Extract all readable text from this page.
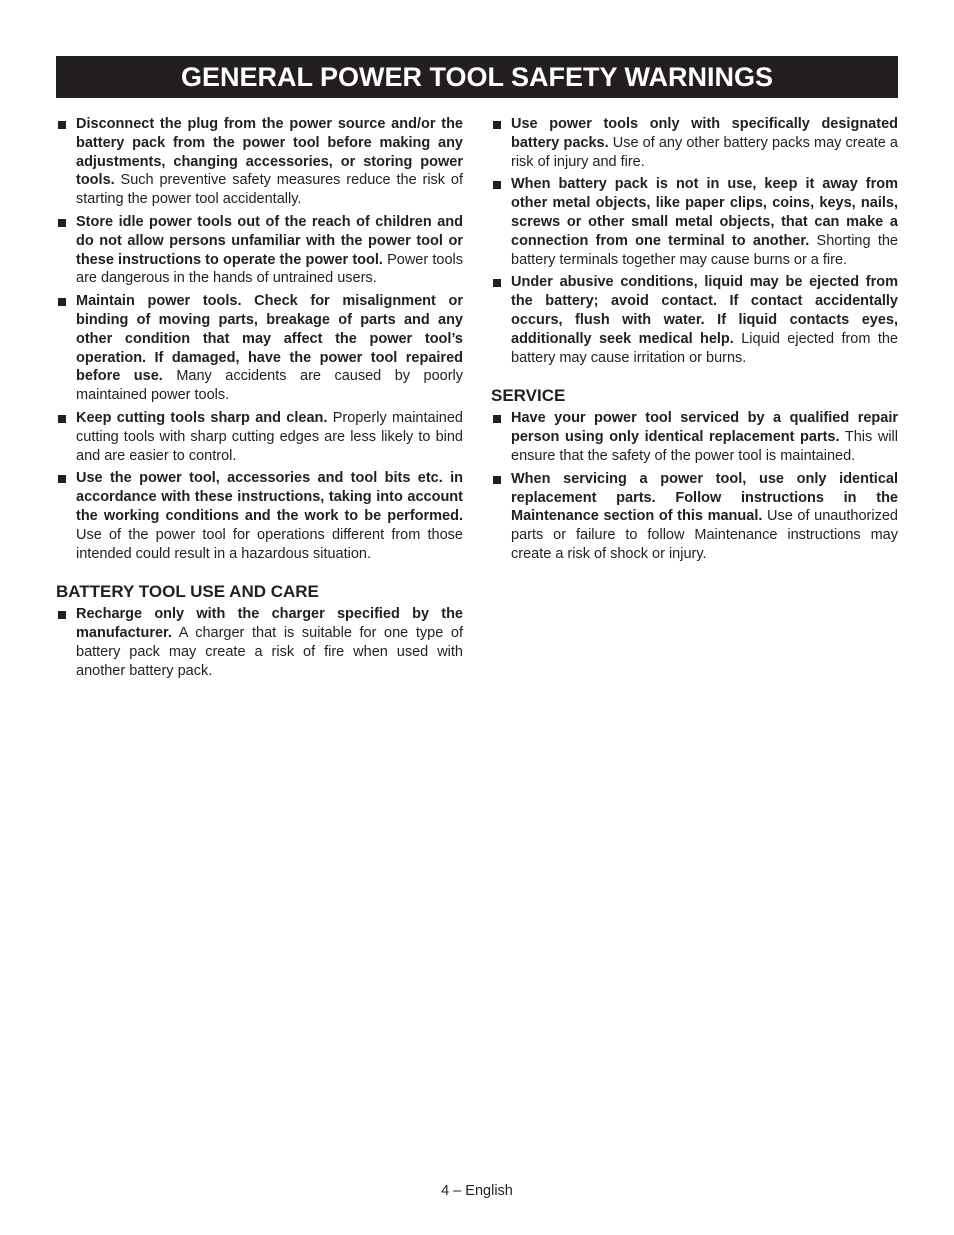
GENERAL POWER TOOL SAFETY WARNINGS
Disconnect the plug from the power source and/or the battery pack from the power tool before making any adjustments, changing accessories, or storing power tools. Such preventive safety measures reduce the risk of starting the power tool accidentally.
Store idle power tools out of the reach of children and do not allow persons unfamiliar with the power tool or these instructions to operate the power tool. Power tools are dangerous in the hands of untrained users.
Maintain power tools. Check for misalignment or binding of moving parts, breakage of parts and any other condition that may affect the power tool’s operation. If damaged, have the power tool repaired before use. Many accidents are caused by poorly maintained power tools.
Keep cutting tools sharp and clean. Properly maintained cutting tools with sharp cutting edges are less likely to bind and are easier to control.
Use the power tool, accessories and tool bits etc. in accordance with these instructions, taking into account the working conditions and the work to be performed. Use of the power tool for operations different from those intended could result in a hazardous situation.
BATTERY TOOL USE AND CARE
Recharge only with the charger specified by the manufacturer. A charger that is suitable for one type of battery pack may create a risk of fire when used with another battery pack.
Use power tools only with specifically designated battery packs. Use of any other battery packs may create a risk of injury and fire.
When battery pack is not in use, keep it away from other metal objects, like paper clips, coins, keys, nails, screws or other small metal objects, that can make a connection from one terminal to another. Shorting the battery terminals together may cause burns or a fire.
Under abusive conditions, liquid may be ejected from the battery; avoid contact. If contact accidentally occurs, flush with water. If liquid contacts eyes, additionally seek medical help. Liquid ejected from the battery may cause irritation or burns.
SERVICE
Have your power tool serviced by a qualified repair person using only identical replacement parts. This will ensure that the safety of the power tool is maintained.
When servicing a power tool, use only identical replacement parts. Follow instructions in the Maintenance section of this manual. Use of unauthorized parts or failure to follow Maintenance instructions may create a risk of shock or injury.
4 – English
